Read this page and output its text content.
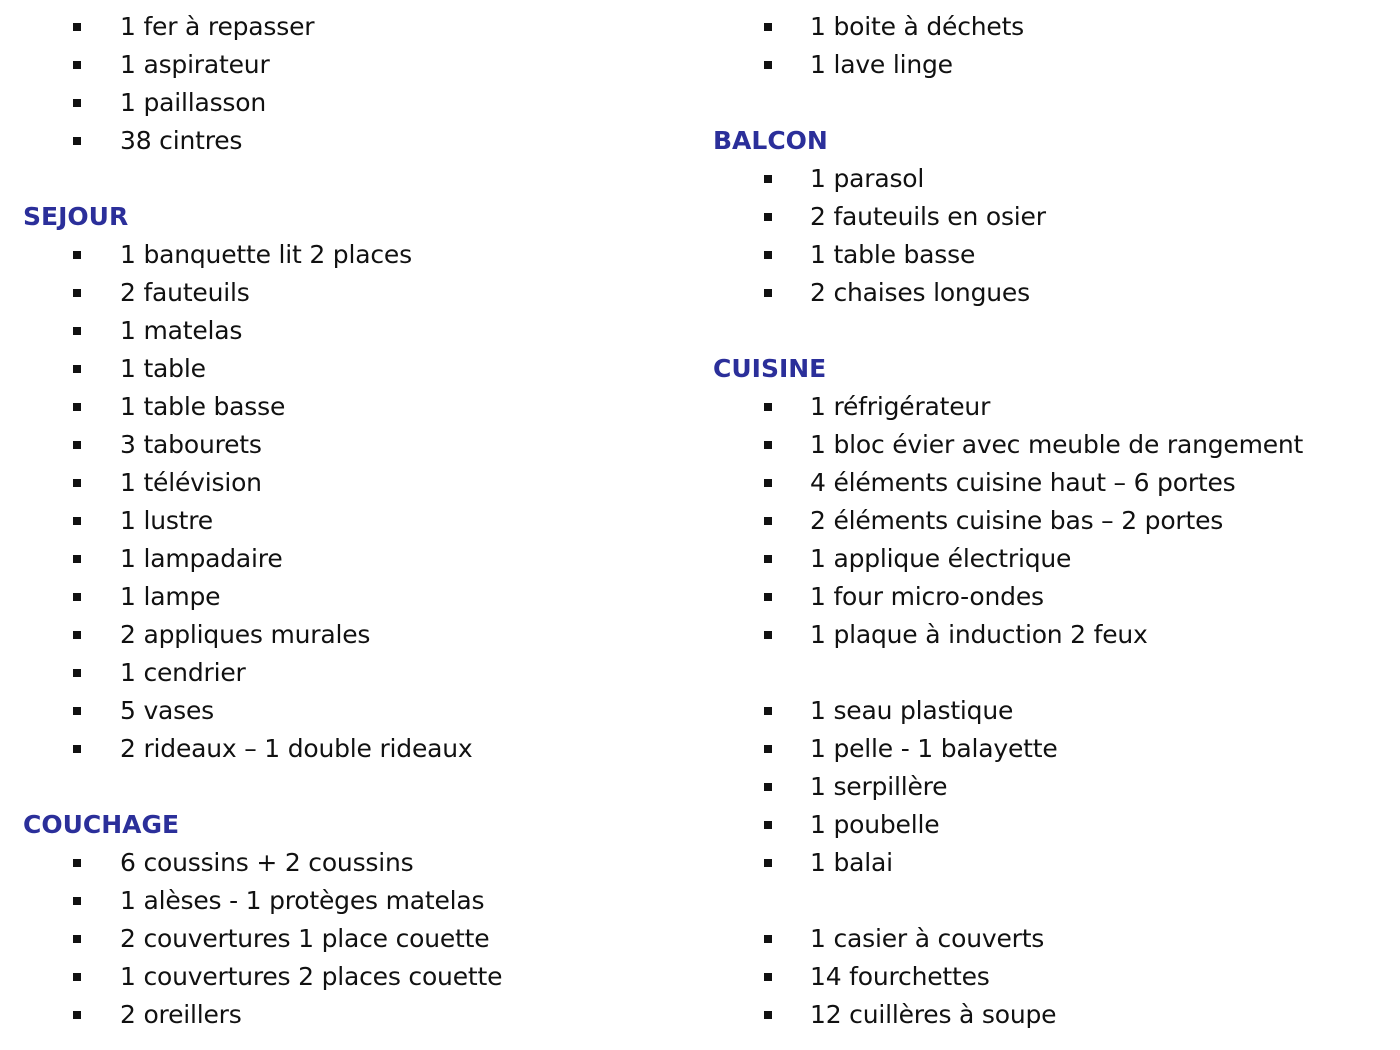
1 fer à repasser
1 aspirateur
1 paillasson
38 cintres
SEJOUR
1 banquette lit 2 places
2 fauteuils
1 matelas
1 table
1 table basse
3 tabourets
1 télévision
1 lustre
1 lampadaire
1 lampe
2 appliques murales
1 cendrier
5 vases
2 rideaux – 1 double rideaux
COUCHAGE
6 coussins + 2 coussins
1 alèses - 1 protèges matelas
2 couvertures 1 place couette
1 couvertures 2 places couette
2 oreillers
1 boite à déchets
1 lave linge
BALCON
1 parasol
2 fauteuils en osier
1 table basse
2 chaises longues
CUISINE
1 réfrigérateur
1 bloc évier avec meuble de rangement
4 éléments cuisine haut – 6 portes
2 éléments cuisine bas – 2 portes
1 applique électrique
1 four micro-ondes
1 plaque à induction 2 feux
1 seau plastique
1 pelle - 1 balayette
1 serpillère
1 poubelle
1 balai
1 casier à couverts
14 fourchettes
12 cuillères à soupe
